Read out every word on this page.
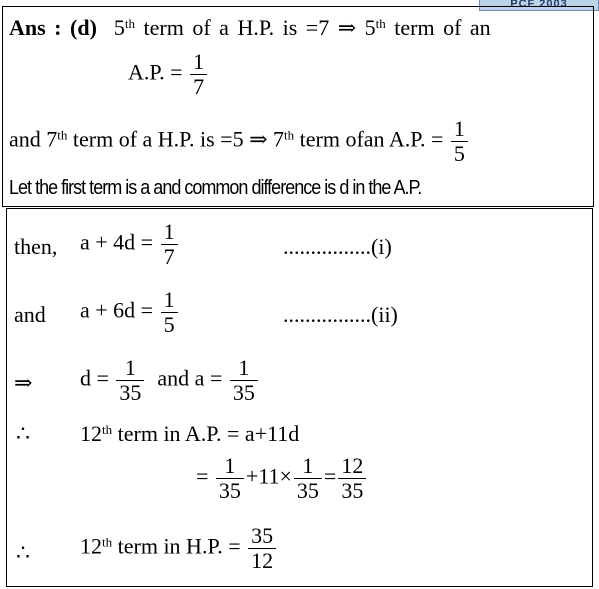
PCF 2003
Ans : (d) 5th term of a H.P. is =7 ⇒ 5th term of an
A.P. = $\frac{1}{7}$
and 7th term of a H.P. is =5 ⇒ 7th term ofan A.P. = $\frac{1}{5}$
Let the first term is a and common difference is d in the A.P.
then, $a + 4d = \frac{1}{7}$	................(i)
and $a + 6d = \frac{1}{5}$	................(ii)
⇒ $d = \frac{1}{35}$ and $a = \frac{1}{35}$
∴ 12th term in A.P. = a+11d
= $\frac{1}{35} +11\times \frac{1}{35} = \frac{12}{35}$
∴ 12th term in H.P. = $\frac{35}{12}$
